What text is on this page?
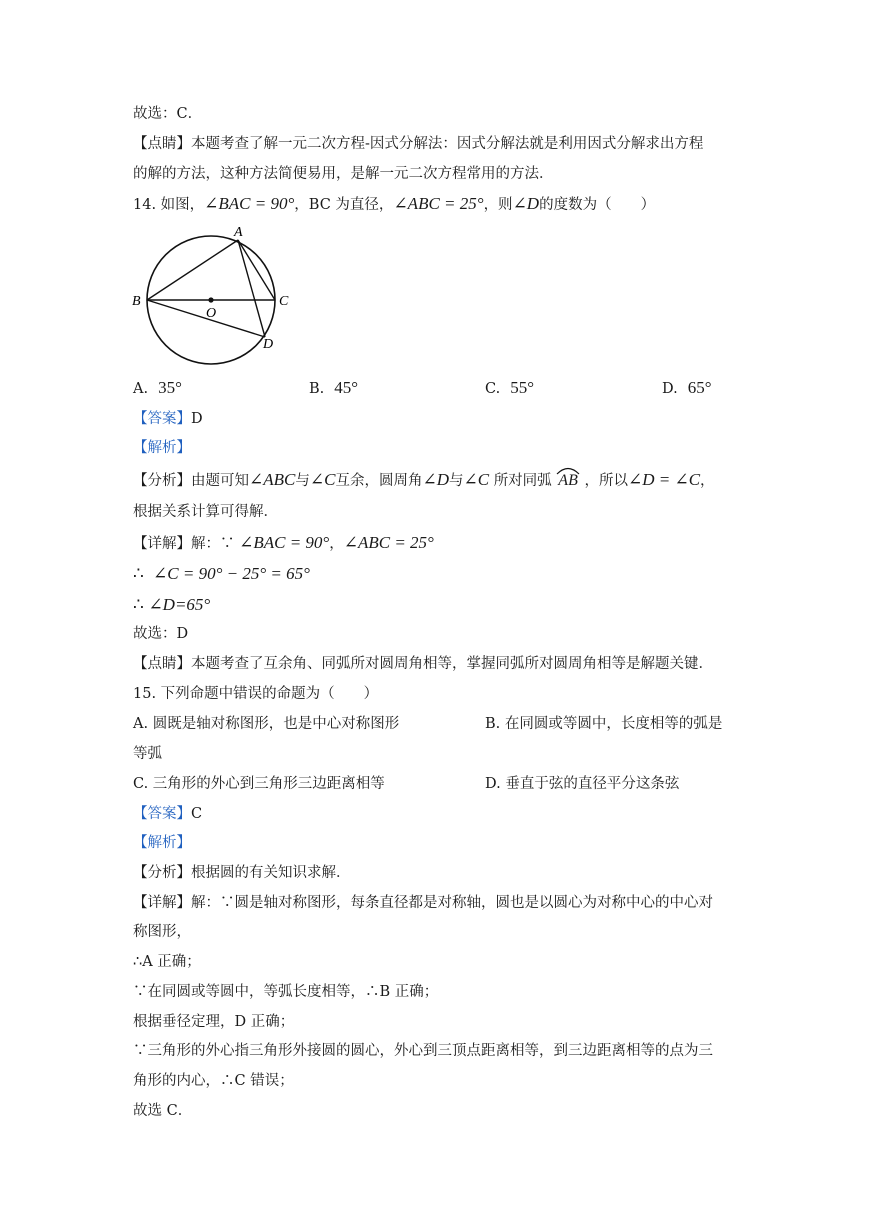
故选：C．
【点睛】本题考查了解一元二次方程-因式分解法：因式分解法就是利用因式分解求出方程
的解的方法，这种方法简便易用，是解一元二次方程常用的方法．
14. 如图，∠BAC = 90°，BC 为直径，∠ABC = 25°，则∠D的度数为（　　）
A
B	C
O
D
A. 35°	B. 45°	C. 55°	D. 65°
【答案】D
【解析】
【分析】由题可知∠ABC与∠C互余，圆周角∠D与∠C 所对同弧 AB ，所以∠D = ∠C，
根据关系计算可得解．
【详解】解：∵ ∠BAC = 90°，∠ABC = 25°
∴ ∠C = 90° − 25° = 65°
∴ ∠D=65°
故选：D
【点睛】本题考查了互余角、同弧所对圆周角相等，掌握同弧所对圆周角相等是解题关键．
15. 下列命题中错误的命题为（　　）
A. 圆既是轴对称图形，也是中心对称图形	B. 在同圆或等圆中，长度相等的弧是
等弧
C. 三角形的外心到三角形三边距离相等	D. 垂直于弦的直径平分这条弦
【答案】C
【解析】
【分析】根据圆的有关知识求解．
【详解】解：∵圆是轴对称图形，每条直径都是对称轴，圆也是以圆心为对称中心的中心对
称图形，
∴A 正确；
∵在同圆或等圆中，等弧长度相等，∴B 正确；
根据垂径定理，D 正确；
∵三角形的外心指三角形外接圆的圆心，外心到三顶点距离相等，到三边距离相等的点为三
角形的内心，∴C 错误；
故选 C．
